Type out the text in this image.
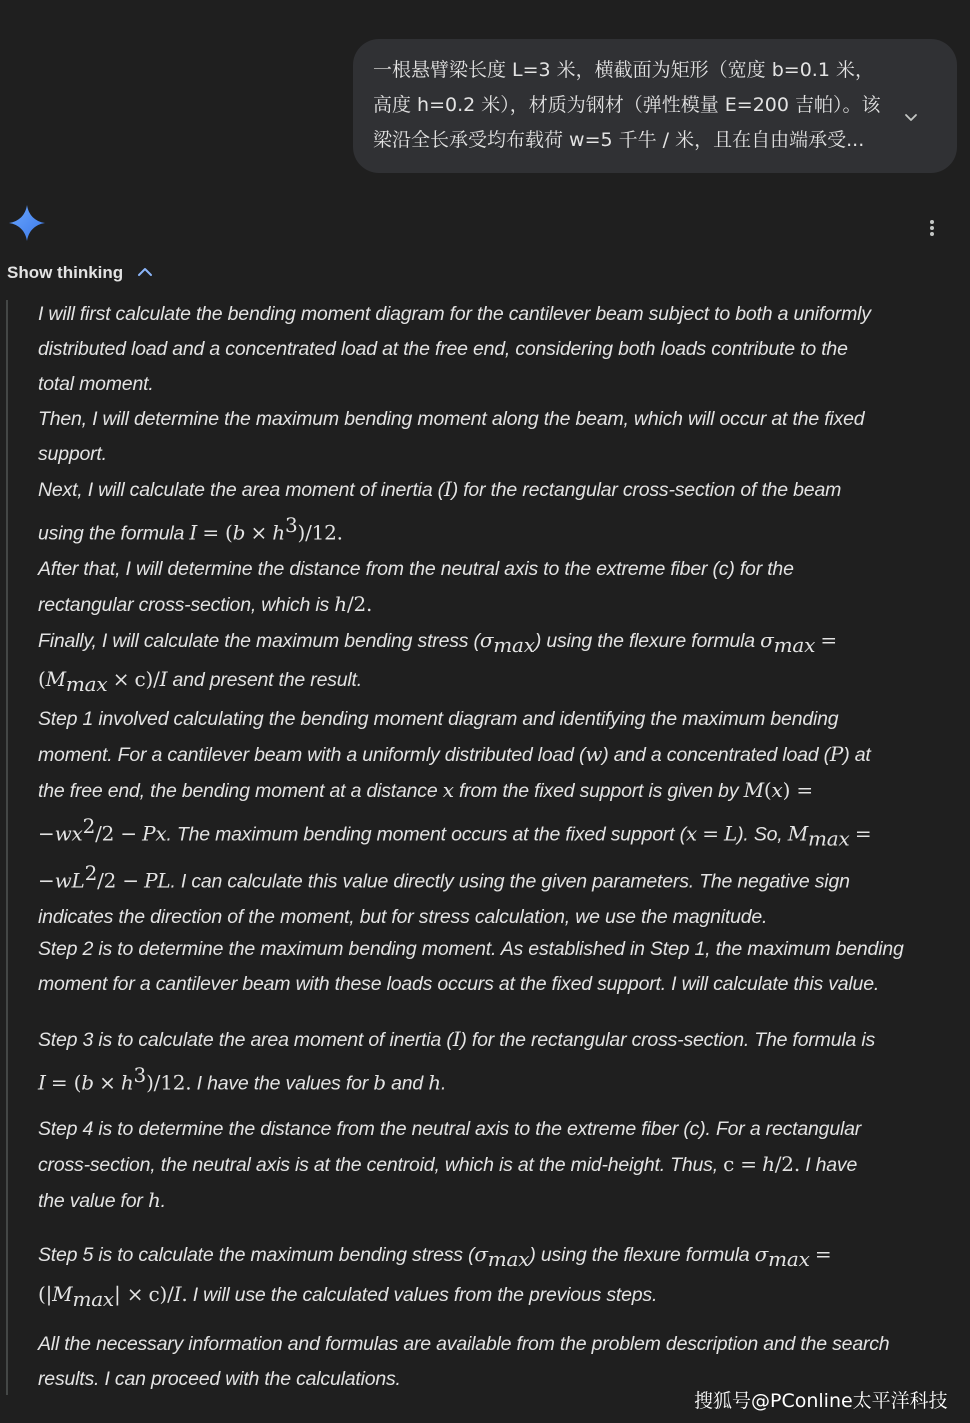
一根悬臂梁长度 L=3 米，横截面为矩形（宽度 b=0.1 米，
高度 h=0.2 米），材质为钢材（弹性模量 E=200 吉帕）。该
梁沿全长承受均布载荷 w=5 千牛 / 米，且在自由端承受...
Show thinking
I will first calculate the bending moment diagram for the cantilever beam subject to both a uniformly
distributed load and a concentrated load at the free end, considering both loads contribute to the
total moment.
Then, I will determine the maximum bending moment along the beam, which will occur at the fixed
support.
Next, I will calculate the area moment of inertia (I) for the rectangular cross-section of the beam
using the formula $I = (b \times h^3)/12$.
After that, I will determine the distance from the neutral axis to the extreme fiber (c) for the
rectangular cross-section, which is h/2.
Finally, I will calculate the maximum bending stress $(\sigma_{max})$ using the flexure formula $\sigma_{max}$ =
$(M_{max} \times c)/I$ and present the result.
Step 1 involved calculating the bending moment diagram and identifying the maximum bending
moment. For a cantilever beam with a uniformly distributed load (w) and a concentrated load (P) at
the free end, the bending moment at a distance x from the fixed support is given by M(x) =
$-wx^2/2 - Px$. The maximum bending moment occurs at the fixed support (x = L). So, $M_{max}$ =
$-wL^2/2$ − PL. I can calculate this value directly using the given parameters. The negative sign
indicates the direction of the moment, but for stress calculation, we use the magnitude.
Step 2 is to determine the maximum bending moment. As established in Step 1, the maximum bending
moment for a cantilever beam with these loads occurs at the fixed support. I will calculate this value.
Step 3 is to calculate the area moment of inertia (I) for the rectangular cross-section. The formula is
$I = (b \times h^3)/12$. I have the values for b and h.
Step 4 is to determine the distance from the neutral axis to the extreme fiber (c). For a rectangular
cross-section, the neutral axis is at the centroid, which is at the mid-height. Thus, c = h/2. I have
the value for h.
Step 5 is to calculate the maximum bending stress $(\sigma_{max})$ using the flexure formula $\sigma_{max}$ =
$(|M_{max}| \times c)/I$. I will use the calculated values from the previous steps.
All the necessary information and formulas are available from the problem description and the search results. I can proceed with the calculations.
搜狐号@PConline太平洋科技
